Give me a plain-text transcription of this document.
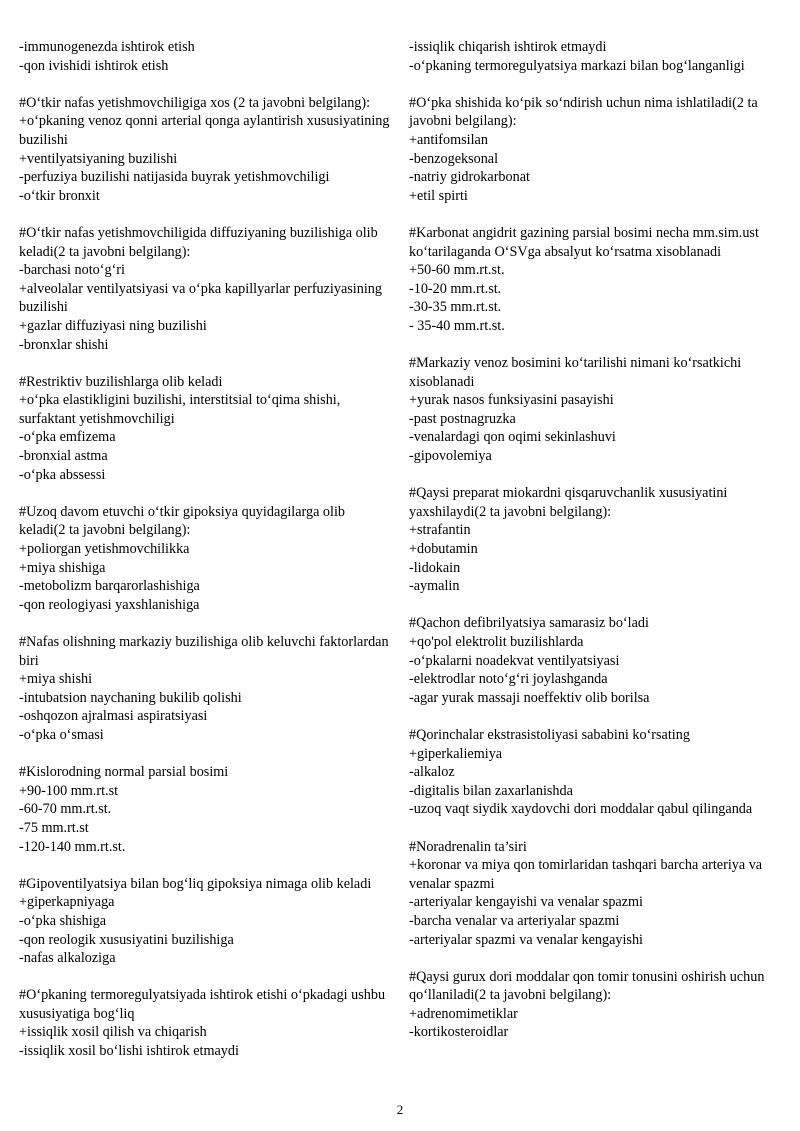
-immunogenezda ishtirok etish
-qon ivishidi ishtirok etish
#O‘tkir nafas yetishmovchiligiga xos (2 ta javobni belgilang):
+o‘pkaning venoz qonni arterial qonga aylantirish xususiyatining buzilishi
+ventilyatsiyaning buzilishi
-perfuziya buzilishi natijasida buyrak yetishmovchiligi
-o‘tkir bronxit
#O‘tkir nafas yetishmovchiligida diffuziyaning buzilishiga olib keladi(2 ta javobni belgilang):
-barchasi noto‘g‘ri
+alveolalar ventilyatsiyasi va o‘pka kapillyarlar perfuziyasining buzilishi
+gazlar diffuziyasi ning buzilishi
-bronxlar shishi
#Restriktiv buzilishlarga olib keladi
+o‘pka elastikligini buzilishi, interstitsial to‘qima shishi, surfaktant yetishmovchiligi
-o‘pka emfizema
-bronxial astma
-o‘pka abssessi
#Uzoq davom etuvchi o‘tkir gipoksiya quyidagilarga olib keladi(2 ta javobni belgilang):
+poliorgan yetishmovchilikka
+miya shishiga
-metobolizm barqarorlashishiga
-qon reologiyasi yaxshlanishiga
#Nafas olishning markaziy buzilishiga olib keluvchi faktorlardan biri
+miya shishi
-intubatsion naychaning bukilib qolishi
-oshqozon ajralmasi aspiratsiyasi
-o‘pka o‘smasi
#Kislorodning normal parsial bosimi
+90-100 mm.rt.st
-60-70 mm.rt.st.
-75 mm.rt.st
-120-140 mm.rt.st.
#Gipoventilyatsiya bilan bog‘liq gipoksiya nimaga olib keladi
+giperkapniyaga
-o‘pka shishiga
-qon reologik xususiyatini buzilishiga
-nafas alkaloziga
#O‘pkaning termoregulyatsiyada ishtirok etishi o‘pkadagi ushbu xususiyatiga bog‘liq
+issiqlik xosil qilish va chiqarish
-issiqlik xosil bo‘lishi ishtirok etmaydi
-issiqlik chiqarish ishtirok etmaydi
-o‘pkaning termoregulyatsiya markazi bilan bog‘langanligi
#O‘pka shishida ko‘pik so‘ndirish uchun nima ishlatiladi(2 ta javobni belgilang):
+antifomsilan
-benzogeksonal
-natriy gidrokarbonat
+etil spirti
#Karbonat angidrit gazining parsial bosimi necha mm.sim.ust ko‘tarilaganda O‘SVga absalyut ko‘rsatma xisoblanadi
+50-60 mm.rt.st.
-10-20 mm.rt.st.
-30-35 mm.rt.st.
- 35-40 mm.rt.st.
#Markaziy venoz bosimini ko‘tarilishi nimani ko‘rsatkichi xisoblanadi
+yurak nasos funksiyasini pasayishi
-past postnagruzka
-venalardagi qon oqimi sekinlashuvi
-gipovolemiya
#Qaysi preparat miokardni qisqaruvchanlik xususiyatini yaxshilaydi(2 ta javobni belgilang):
+strafantin
+dobutamin
-lidokain
-aymalin
#Qachon defibrilyatsiya samarasiz bo‘ladi
+qo'pol elektrolit buzilishlarda
-o‘pkalarni noadekvat ventilyatsiyasi
-elektrodlar noto‘g‘ri joylashganda
-agar yurak massaji noeffektiv olib borilsa
#Qorinchalar ekstrasistoliyasi sababini ko‘rsating
+giperkaliemiya
-alkaloz
-digitalis bilan zaxarlanishda
-uzoq vaqt siydik xaydovchi dori moddalar qabul qilinganda
#Noradrenalin ta’siri
+koronar va miya qon tomirlaridan tashqari barcha arteriya va venalar spazmi
-arteriyalar kengayishi va venalar spazmi
-barcha venalar va arteriyalar spazmi
-arteriyalar spazmi va venalar kengayishi
#Qaysi gurux dori moddalar qon tomir tonusini oshirish uchun qo‘llaniladi(2 ta javobni belgilang):
+adrenomimetiklar
-kortikosteroidlar
2
